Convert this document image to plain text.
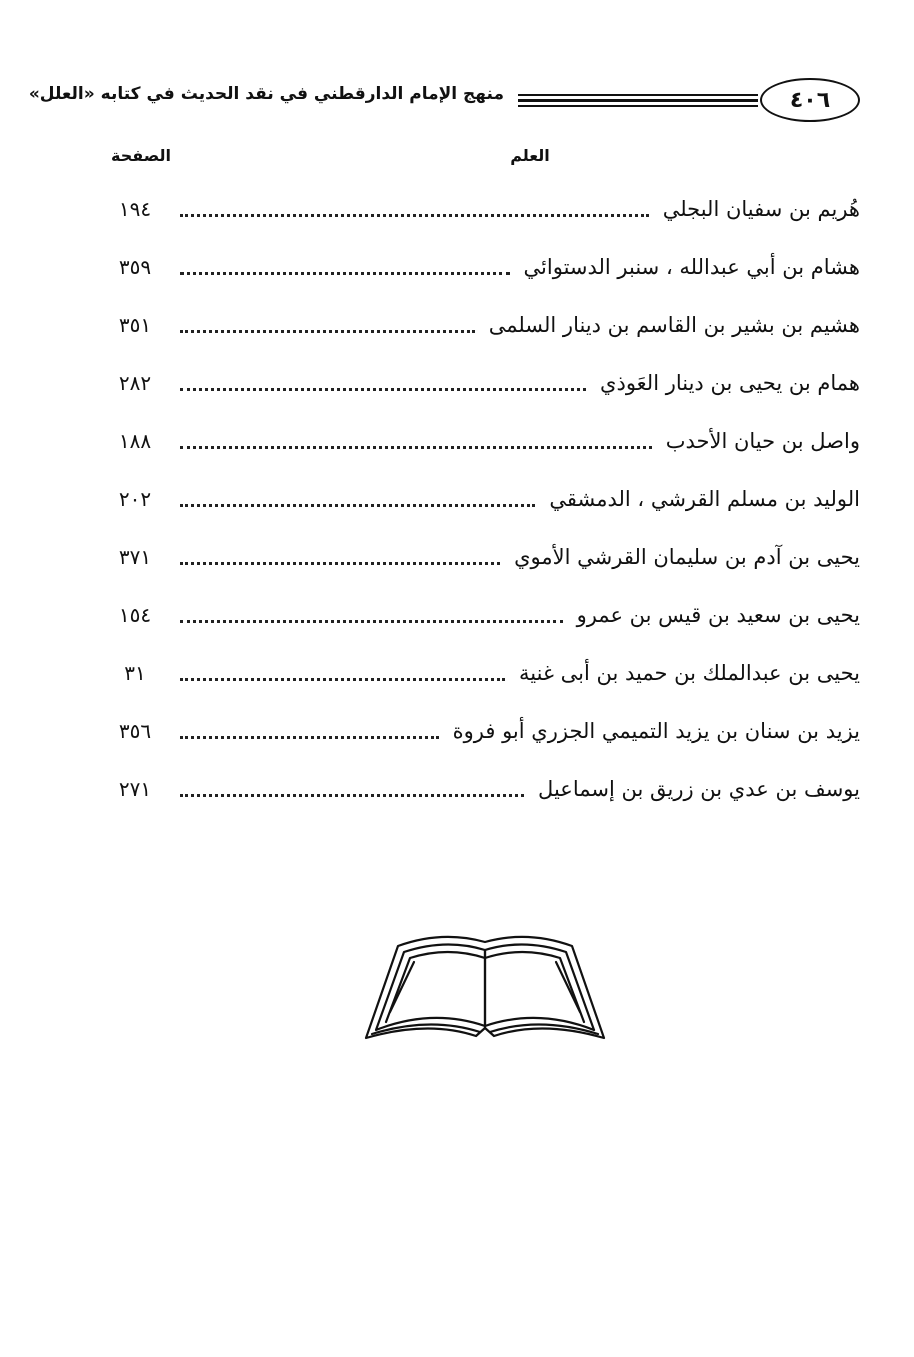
٤٠٦
منهج الإمام الدارقطني في نقد الحديث في كتابه «العلل»
العلم
الصفحة
هُريم بن سفيان البجلي
١٩٤
هشام بن أبي عبدالله ، سنبر الدستوائي
٣٥٩
هشيم بن بشير بن القاسم بن دينار السلمى
٣٥١
همام بن يحيى بن دينار العَوذي
٢٨٢
واصل بن حيان الأحدب
١٨٨
الوليد بن مسلم القرشي ، الدمشقي
٢٠٢
يحيى بن آدم بن سليمان القرشي الأموي
٣٧١
يحيى بن سعيد بن قيس بن عمرو
١٥٤
يحيى بن عبدالملك بن حميد بن أبى غنية
٣١
يزيد بن سنان بن يزيد التميمي الجزري أبو فروة
٣٥٦
يوسف بن عدي بن زريق بن إسماعيل
٢٧١
